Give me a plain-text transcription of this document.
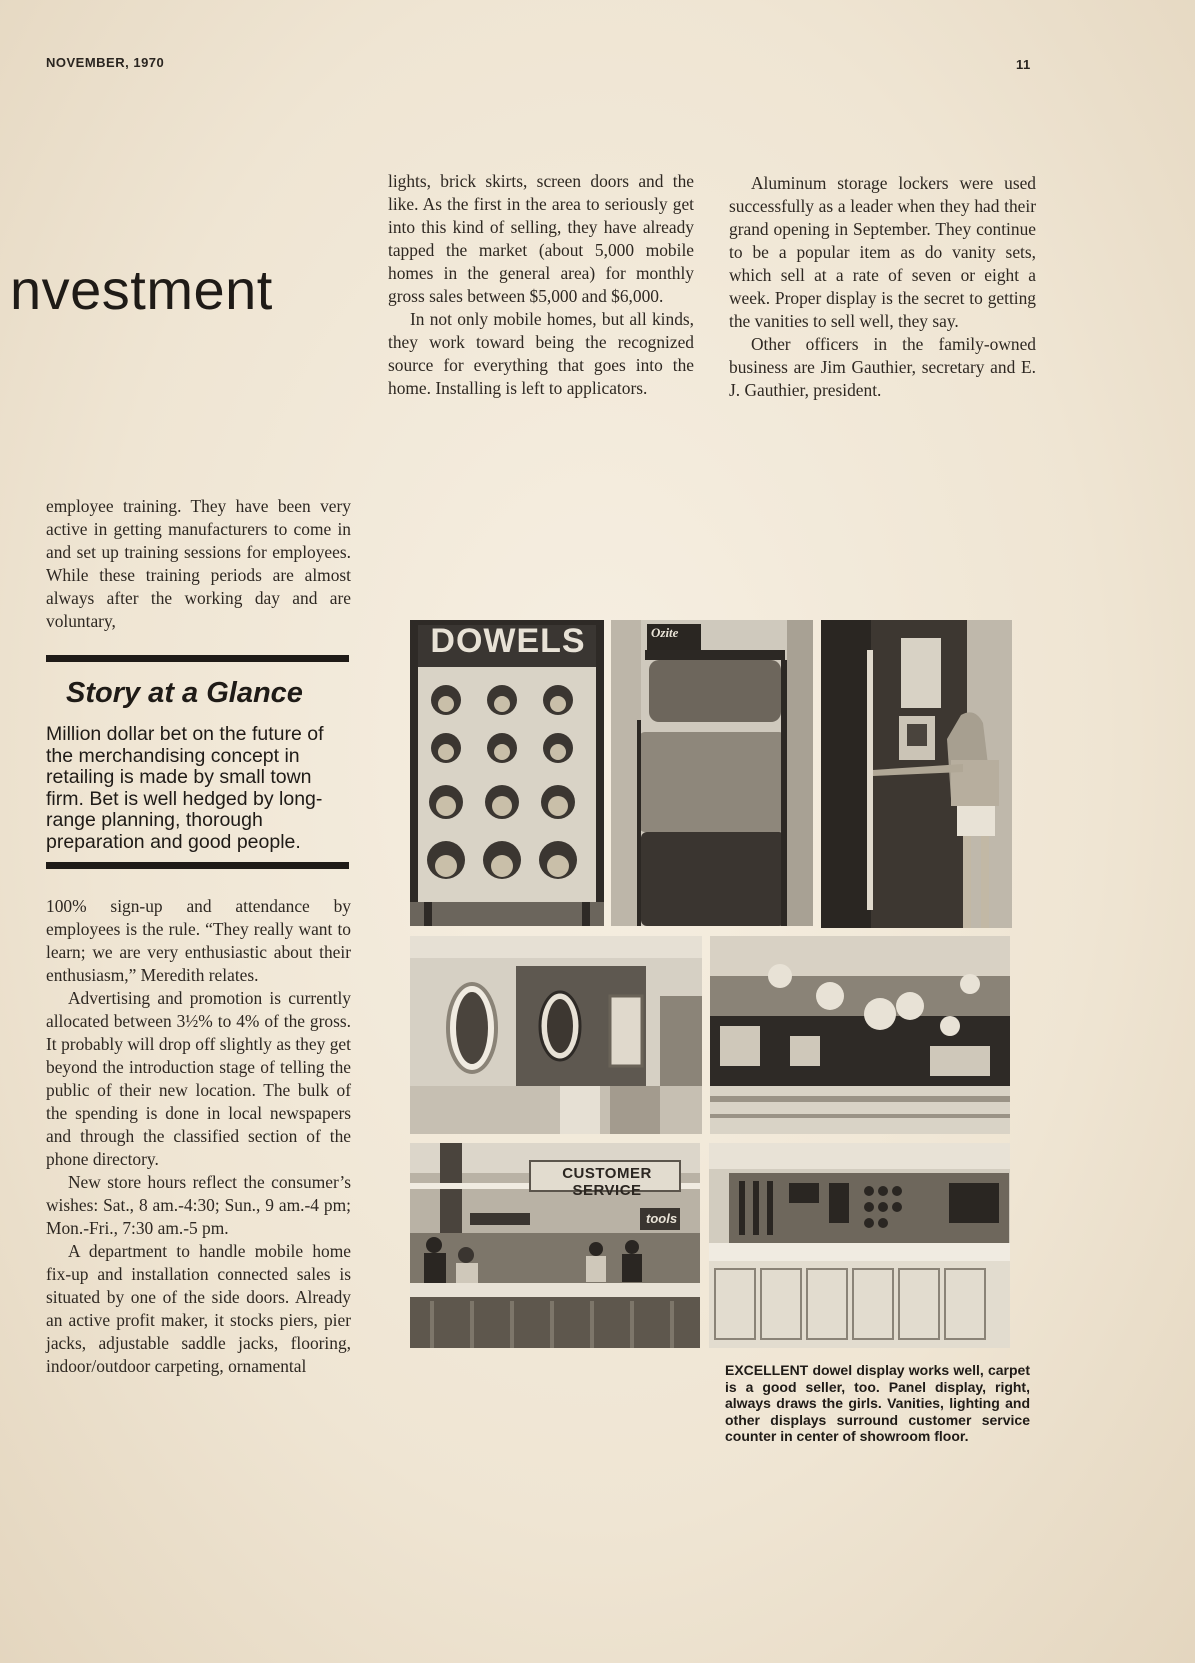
NOVEMBER, 1970	11
nvestment

employee training. They have been very active in getting manufacturers to come in and set up training sessions for employees. While these training periods are almost always after the working day and are voluntary,

Story at a Glance
Million dollar bet on the future of the merchandising concept in retailing is made by small town firm. Bet is well hedged by long-range planning, thorough preparation and good people.

100% sign-up and attendance by employees is the rule. “They really want to learn; we are very enthusiastic about their enthusiasm,” Meredith relates.

Advertising and promotion is currently allocated between 3½% to 4% of the gross. It probably will drop off slightly as they get beyond the introduction stage of telling the public of their new location. The bulk of the spending is done in local newspapers and through the classified section of the phone directory.

New store hours reflect the consumer’s wishes: Sat., 8 am.-4:30; Sun., 9 am.-4 pm; Mon.-Fri., 7:30 am.-5 pm.

A department to handle mobile home fix-up and installation connected sales is situated by one of the side doors. Already an active profit maker, it stocks piers, pier jacks, adjustable saddle jacks, flooring, indoor/outdoor carpeting, ornamental

lights, brick skirts, screen doors and the like. As the first in the area to seriously get into this kind of selling, they have already tapped the market (about 5,000 mobile homes in the general area) for monthly gross sales between $5,000 and $6,000.

In not only mobile homes, but all kinds, they work toward being the recognized source for everything that goes into the home. Installing is left to applicators.

Aluminum storage lockers were used successfully as a leader when they had their grand opening in September. They continue to be a popular item as do vanity sets, which sell at a rate of seven or eight a week. Proper display is the secret to getting the vanities to sell well, they say.

Other officers in the family-owned business are Jim Gauthier, secretary and E. J. Gauthier, president.

DOWELS	Ozite
CUSTOMER SERVICE
tools
EXCELLENT dowel display works well, carpet is a good seller, too. Panel display, right, always draws the girls. Vanities, lighting and other displays surround customer service counter in center of showroom floor.
